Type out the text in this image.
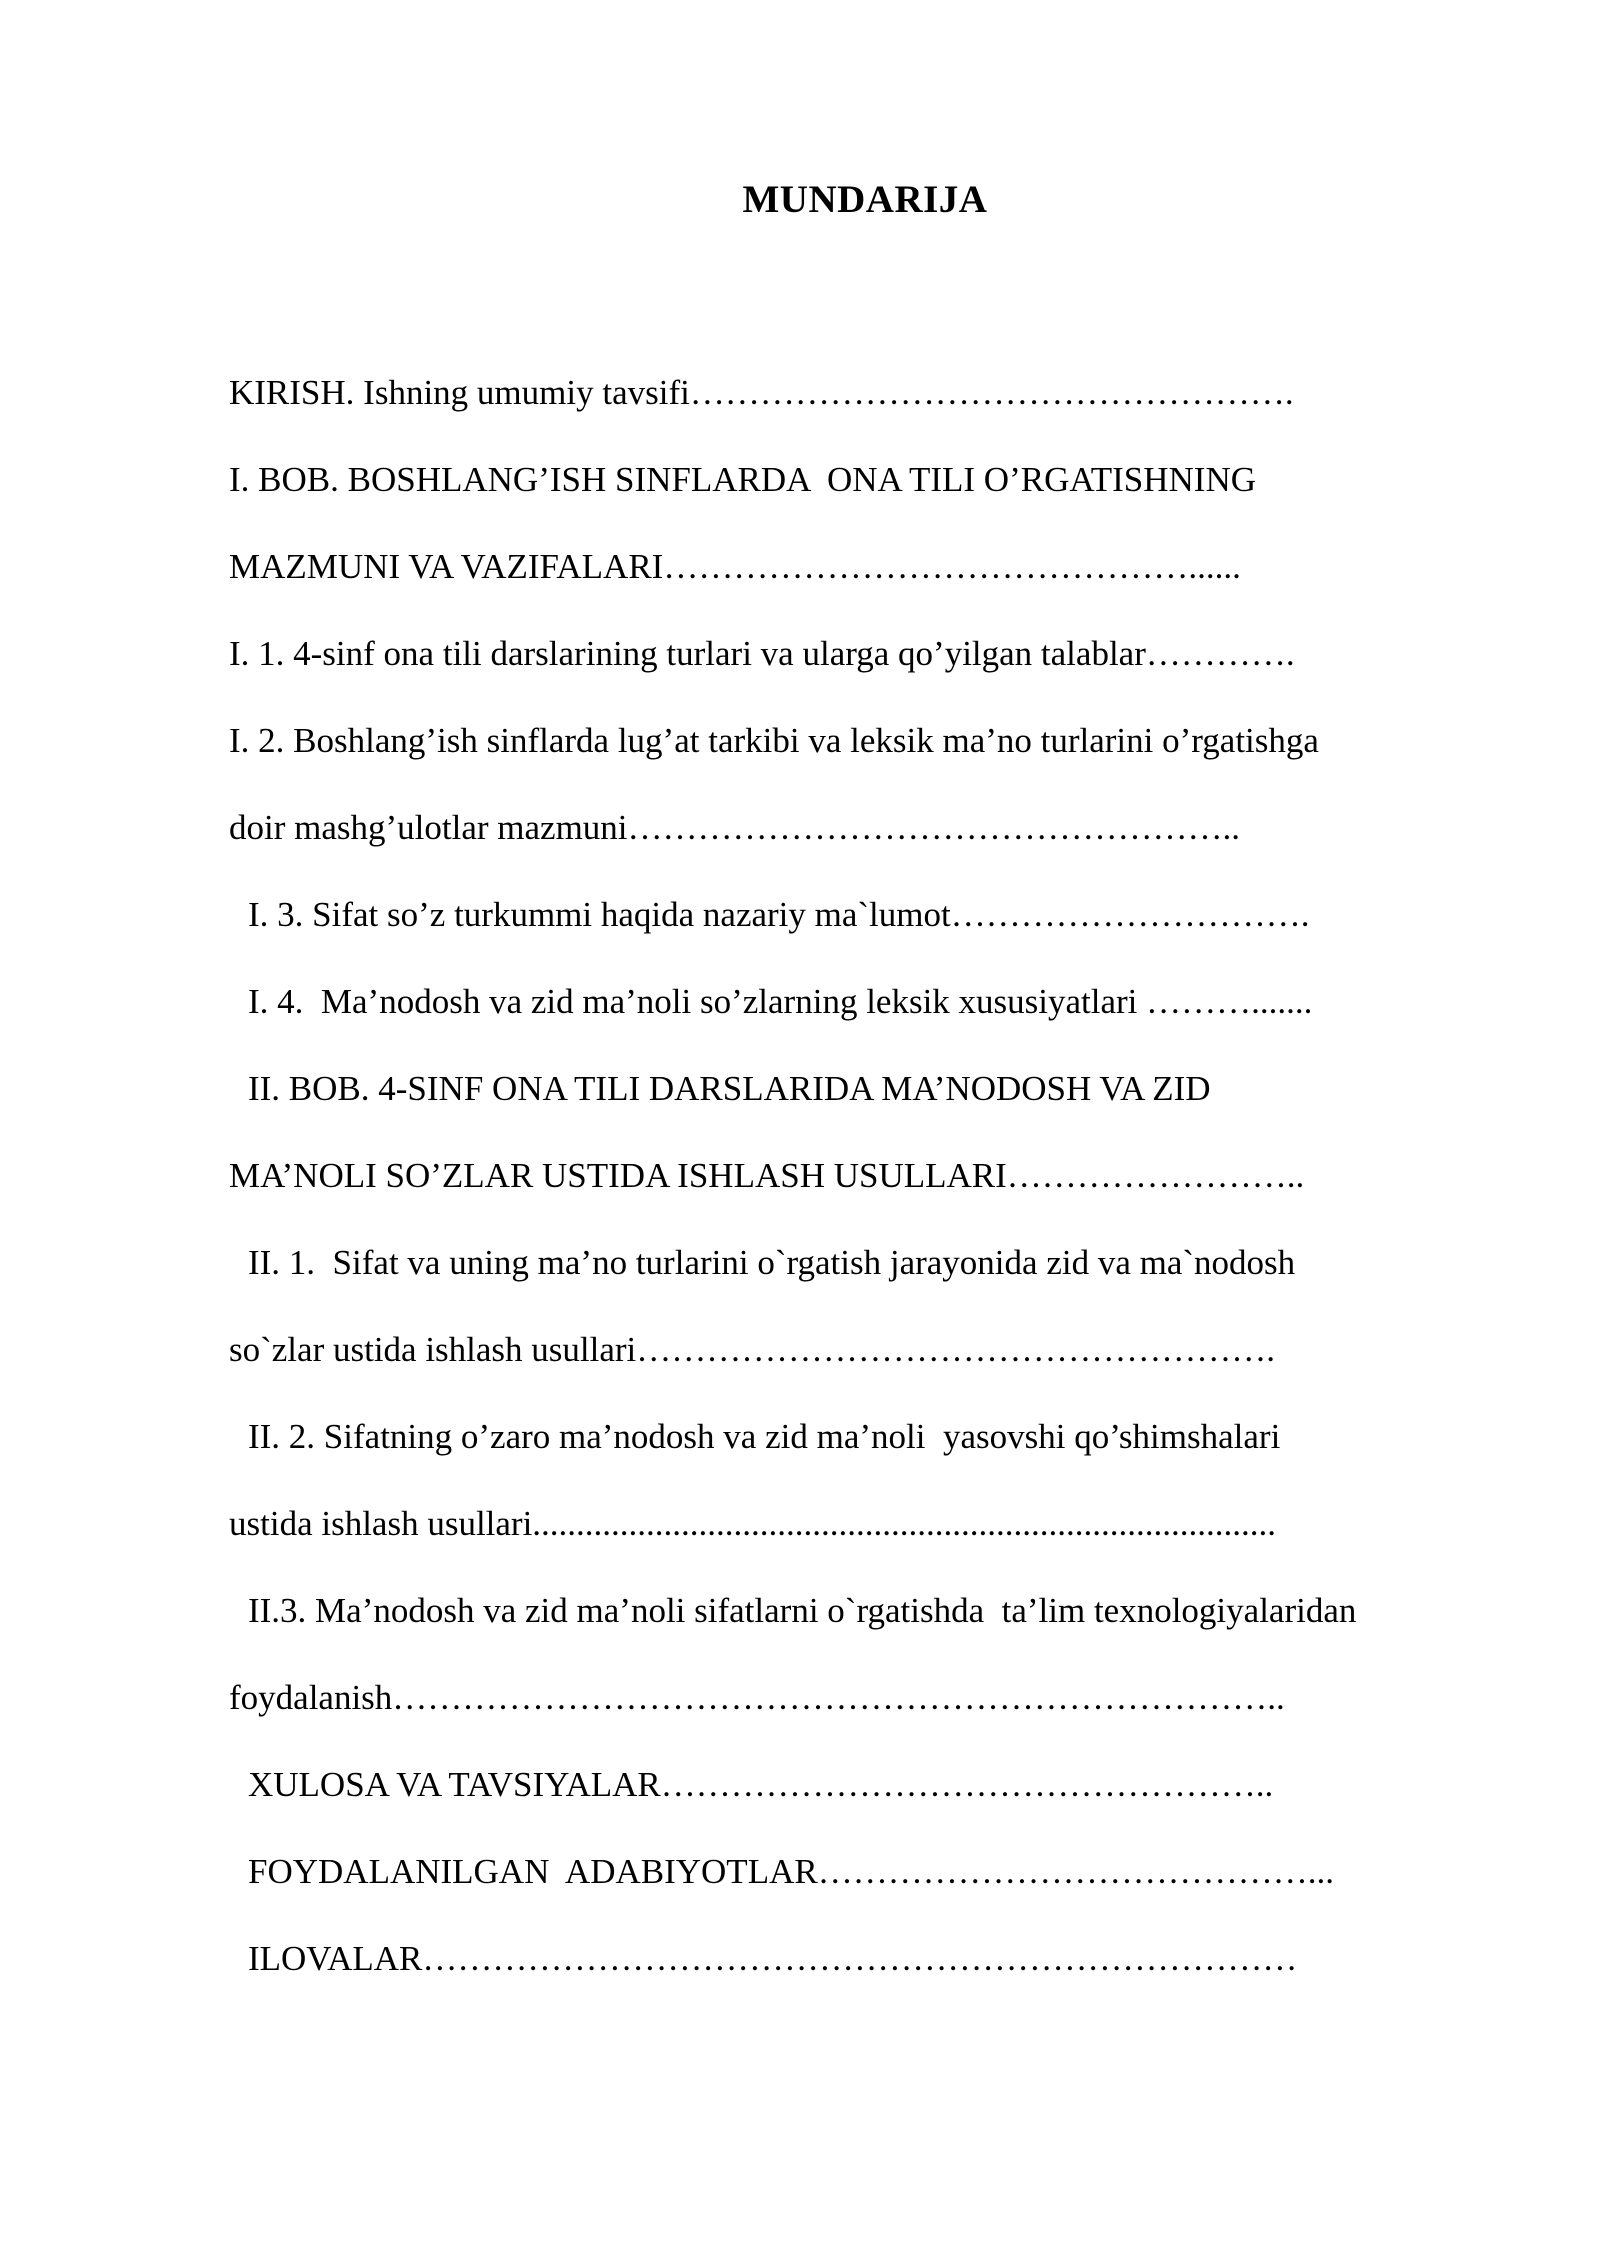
MUNDARIJA
KIRISH. Ishning umumiy tavsifi…………………………………………….
I. BOB. BOSHLANG’ISH SINFLARDA  ONA TILI O’RGATISHNING
MAZMUNI VA VAZIFALARI………………………………………......
I. 1. 4-sinf ona tili darslarining turlari va ularga qo’yilgan talablar………….
I. 2. Boshlang’ish sinflarda lug’at tarkibi va leksik ma’no turlarini o’rgatishga
doir mashg’ulotlar mazmuni……………………………………………..
I. 3. Sifat so’z turkummi haqida nazariy ma`lumot………………………….
I. 4.  Ma’nodosh va zid ma’noli so’zlarning leksik xususiyatlari ……….......
II. BOB. 4-SINF ONA TILI DARSLARIDA MA’NODOSH VA ZID
MA’NOLI SO’ZLAR USTIDA ISHLASH USULLARI……………………..
II. 1.  Sifat va uning ma’no turlarini o`rgatish jarayonida zid va ma`nodosh
so`zlar ustida ishlash usullari……………………………………………….
II. 2. Sifatning o’zaro ma’nodosh va zid ma’noli  yasovshi qo’shimshalari
ustida ishlash usullari.....................................................................................
II.3. Ma’nodosh va zid ma’noli sifatlarni o`rgatishda  ta’lim texnologiyalaridan
foydalanish…………………………………………………………………..
XULOSA VA TAVSIYALAR……………………………………………..
FOYDALANILGAN  ADABIYOTLAR……………………………………...
ILOVALAR…………………………………………………………………
